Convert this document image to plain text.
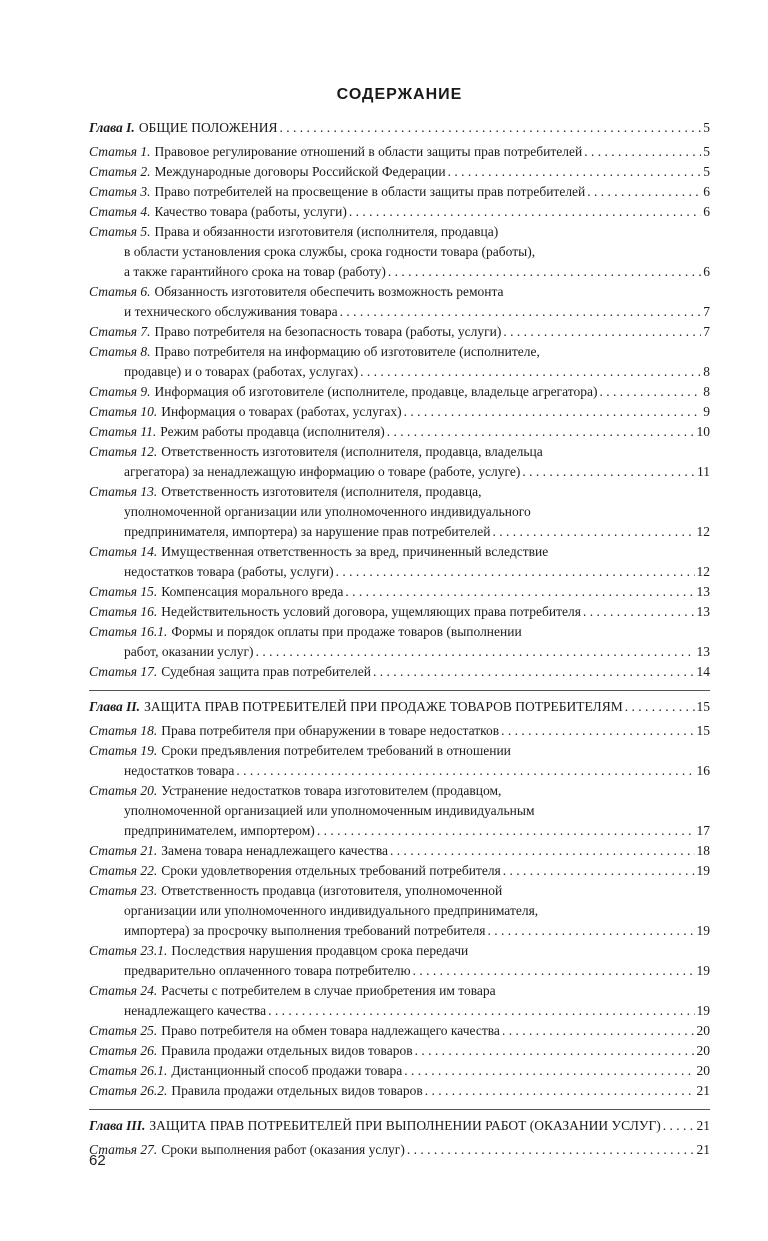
СОДЕРЖАНИЕ
Глава I. ОБЩИЕ ПОЛОЖЕНИЯ . . .	5
Статья 1. Правовое регулирование отношений в области защиты прав потребителей . . .	5
Статья 2. Международные договоры Российской Федерации . . .	5
Статья 3. Право потребителей на просвещение в области защиты прав потребителей . . .	6
Статья 4. Качество товара (работы, услуги) . . .	6
Статья 5. Права и обязанности изготовителя (исполнителя, продавца)
в области установления срока службы, срока годности товара (работы),
а также гарантийного срока на товар (работу) . . .	6
Статья 6. Обязанность изготовителя обеспечить возможность ремонта
и технического обслуживания товара . . .	7
Статья 7. Право потребителя на безопасность товара (работы, услуги) . . .	7
Статья 8. Право потребителя на информацию об изготовителе (исполнителе,
продавце) и о товарах (работах, услугах) . . .	8
Статья 9. Информация об изготовителе (исполнителе, продавце, владельце агрегатора) . . .	8
Статья 10. Информация о товарах (работах, услугах) . . .	9
Статья 11. Режим работы продавца (исполнителя) . . .	10
Статья 12. Ответственность изготовителя (исполнителя, продавца, владельца
агрегатора) за ненадлежащую информацию о товаре (работе, услуге) . . .	11
Статья 13. Ответственность изготовителя (исполнителя, продавца,
уполномоченной организации или уполномоченного индивидуального
предпринимателя, импортера) за нарушение прав потребителей . . .	12
Статья 14. Имущественная ответственность за вред, причиненный вследствие
недостатков товара (работы, услуги) . . .	12
Статья 15. Компенсация морального вреда . . .	13
Статья 16. Недействительность условий договора, ущемляющих права потребителя . . .	13
Статья 16.1. Формы и порядок оплаты при продаже товаров (выполнении
работ, оказании услуг) . . .	13
Статья 17. Судебная защита прав потребителей . . .	14
Глава II. ЗАЩИТА ПРАВ ПОТРЕБИТЕЛЕЙ ПРИ ПРОДАЖЕ ТОВАРОВ ПОТРЕБИТЕЛЯМ . . .	15
Статья 18. Права потребителя при обнаружении в товаре недостатков . . .	15
Статья 19. Сроки предъявления потребителем требований в отношении
недостатков товара . . .	16
Статья 20. Устранение недостатков товара изготовителем (продавцом,
уполномоченной организацией или уполномоченным индивидуальным
предпринимателем, импортером) . . .	17
Статья 21. Замена товара ненадлежащего качества . . .	18
Статья 22. Сроки удовлетворения отдельных требований потребителя . . .	19
Статья 23. Ответственность продавца (изготовителя, уполномоченной
организации или уполномоченного индивидуального предпринимателя,
импортера) за просрочку выполнения требований потребителя . . .	19
Статья 23.1. Последствия нарушения продавцом срока передачи
предварительно оплаченного товара потребителю . . .	19
Статья 24. Расчеты с потребителем в случае приобретения им товара
ненадлежащего качества . . .	19
Статья 25. Право потребителя на обмен товара надлежащего качества . . .	20
Статья 26. Правила продажи отдельных видов товаров . . .	20
Статья 26.1. Дистанционный способ продажи товара . . .	20
Статья 26.2. Правила продажи отдельных видов товаров . . .	21
Глава III. ЗАЩИТА ПРАВ ПОТРЕБИТЕЛЕЙ ПРИ ВЫПОЛНЕНИИ РАБОТ (ОКАЗАНИИ УСЛУГ) . . .	21
Статья 27. Сроки выполнения работ (оказания услуг) . . .	21
62
